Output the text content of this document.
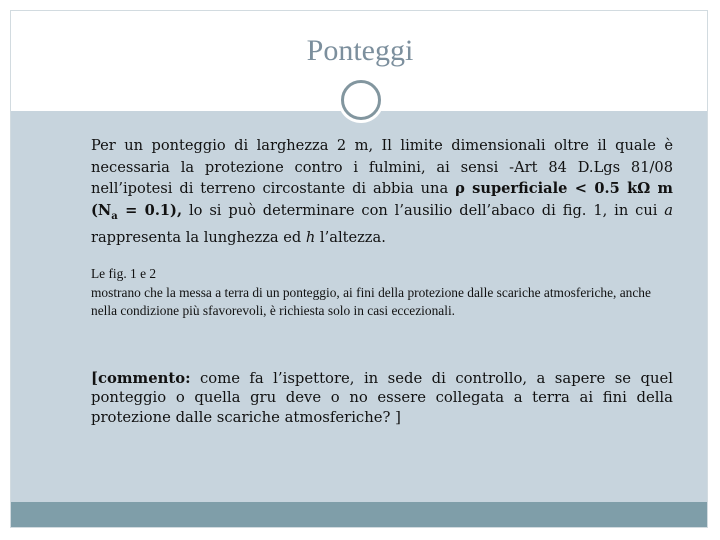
Ponteggi
Per un ponteggio di larghezza 2 m, Il limite dimensionali oltre il quale è necessaria la protezione contro i fulmini, ai sensi -Art 84 D.Lgs 81/08 nell’ipotesi di terreno circostante di abbia una ρ superficiale < 0.5 kΩ m $(N_a = 0.1)$, lo si può determinare con l’ausilio dell’abaco di fig. 1, in cui a rappresenta la lunghezza ed h l’altezza.
Le fig. 1 e 2
mostrano che la messa a terra di un ponteggio, ai fini della protezione dalle scariche atmosferiche, anche nella condizione più sfavorevoli, è richiesta solo in casi eccezionali.
[commento: come fa l’ispettore, in sede di controllo, a sapere se quel ponteggio o quella gru deve o no essere collegata a terra ai fini della protezione dalle scariche atmosferiche? ]
